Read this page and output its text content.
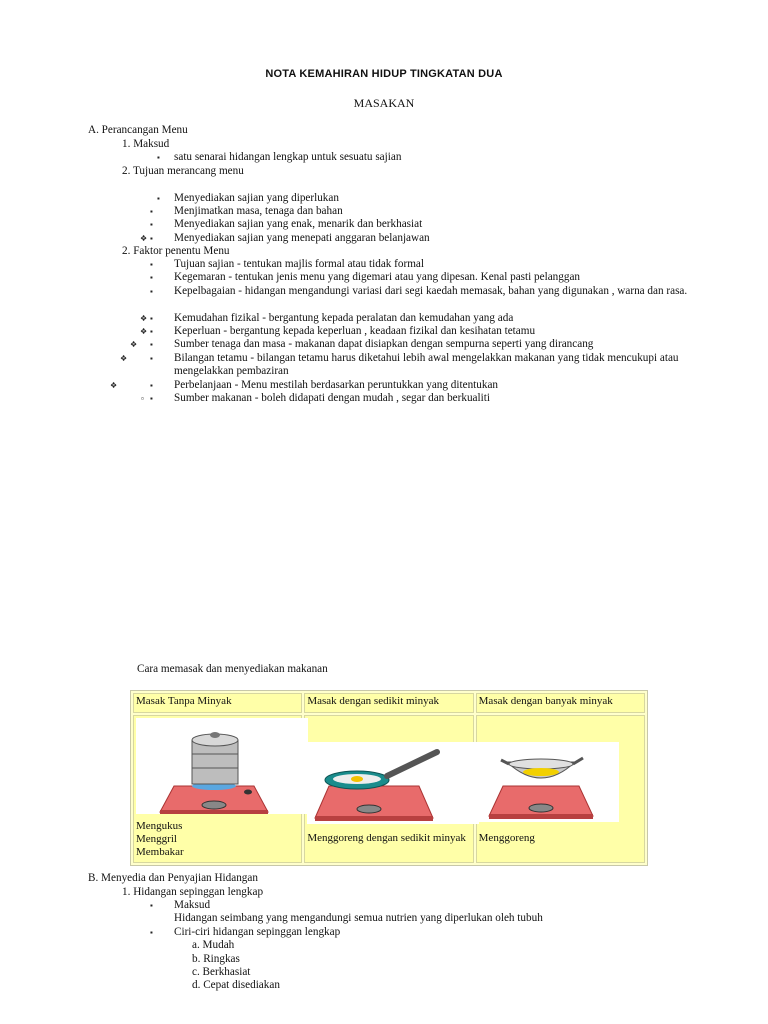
NOTA KEMAHIRAN HIDUP TINGKATAN DUA
MASAKAN
A. Perancangan Menu
1. Maksud
▪ satu senarai hidangan lengkap untuk sesuatu sajian
2. Tujuan merancang menu
▪ Menyediakan sajian yang diperlukan
▪ Menjimatkan masa, tenaga dan bahan
▪ Menyediakan sajian yang enak, menarik dan berkhasiat
❖ ▪ Menyediakan sajian yang menepati anggaran belanjawan
2. Faktor penentu Menu
▪ Tujuan sajian - tentukan majlis formal atau tidak formal
▪ Kegemaran - tentukan jenis menu yang digemari atau yang dipesan. Kenal pasti pelanggan
▪ Kepelbagaian - hidangan mengandungi variasi dari segi kaedah memasak, bahan yang digunakan , warna dan rasa.
❖ ▪ Kemudahan fizikal - bergantung kepada peralatan dan kemudahan yang ada
❖ ▪ Keperluan - bergantung kepada keperluan , keadaan fizikal dan kesihatan tetamu
❖ ▪ Sumber tenaga dan masa - makanan dapat disiapkan dengan sempurna seperti yang dirancang
❖	▪ Bilangan tetamu - bilangan tetamu harus diketahui lebih awal mengelakkan makanan yang tidak mencukupi atau mengelakkan pembaziran
❖	▪ Perbelanjaan - Menu mestilah berdasarkan peruntukkan yang ditentukan
▫ ▪ Sumber makanan - boleh didapati dengan mudah , segar dan berkualiti
Cara memasak dan menyediakan makanan
Masak Tanpa Minyak	Masak dengan sedikit minyak	Masak dengan banyak minyak

Mengukus
Menggril
Membakar	Menggoreng dengan sedikit minyak	Menggoreng
B. Menyedia dan Penyajian Hidangan
1. Hidangan sepinggan lengkap
▪ Maksud
Hidangan seimbang yang mengandungi semua nutrien yang diperlukan oleh tubuh
▪ Ciri-ciri hidangan sepinggan lengkap
a. Mudah
b. Ringkas
c. Berkhasiat
d. Cepat disediakan
